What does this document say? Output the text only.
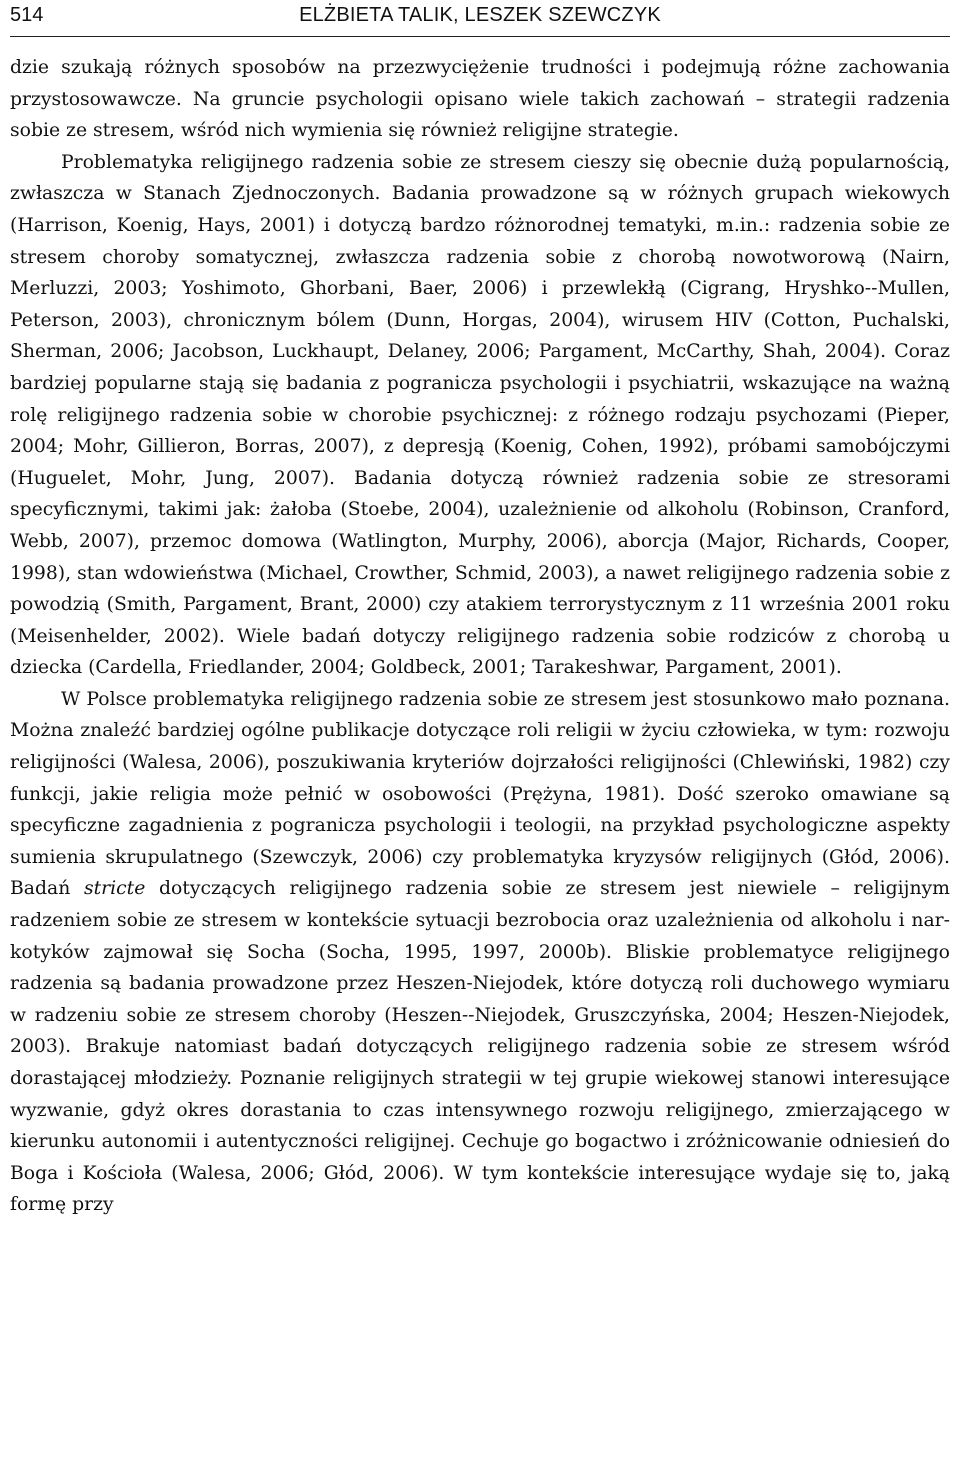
514	ELŻBIETA TALIK, LESZEK SZEWCZYK

dzie szukają różnych sposobów na przezwyciężenie trudności i podejmują różne zachowania przystosowawcze. Na gruncie psychologii opisano wiele takich zachowań – strategii radzenia sobie ze stresem, wśród nich wymienia się również religijne strategie.

Problematyka religijnego radzenia sobie ze stresem cieszy się obecnie dużą popularnością, zwłaszcza w Stanach Zjednoczonych. Badania prowadzone są w różnych grupach wiekowych (Harrison, Koenig, Hays, 2001) i dotyczą bardzo różnorodnej tematyki, m.in.: radzenia sobie ze stresem choroby somatycznej, zwłaszcza radzenia sobie z chorobą nowotworową (Nairn, Merluzzi, 2003; Yoshimoto, Ghorbani, Baer, 2006) i przewlekłą (Cigrang, Hryshko-⁠-Mullen, Peterson, 2003), chronicznym bólem (Dunn, Horgas, 2004), wirusem HIV (Cotton, Puchalski, Sherman, 2006; Jacobson, Luckhaupt, Delaney, 2006; Pargament, McCarthy, Shah, 2004). Coraz bardziej popularne stają się badania z pogranicza psychologii i psychiatrii, wskazujące na ważną rolę religijnego radzenia sobie w chorobie psychicznej: z różnego rodzaju psychozami (Pieper, 2004; Mohr, Gillieron, Borras, 2007), z depresją (Koenig, Cohen, 1992), próbami samobójczymi (Huguelet, Mohr, Jung, 2007). Badania dotyczą również radzenia sobie ze stresorami specyficznymi, takimi jak: żałoba (Stoebe, 2004), uzależnienie od alkoholu (Robinson, Cranford, Webb, 2007), przemoc domowa (Watlington, Murphy, 2006), aborcja (Major, Richards, Cooper, 1998), stan wdowieństwa (Michael, Crowther, Schmid, 2003), a nawet religijnego radzenia sobie z powodzią (Smith, Pargament, Brant, 2000) czy atakiem terrorystycznym z 11 września 2001 roku (Meisenhelder, 2002). Wiele badań dotyczy religijnego radzenia sobie rodziców z chorobą u dziecka (Cardella, Friedlander, 2004; Goldbeck, 2001; Tarakeshwar, Pargament, 2001).

W Polsce problematyka religijnego radzenia sobie ze stresem jest stosunkowo mało poznana. Można znaleźć bardziej ogólne publikacje dotyczące roli religii w życiu człowieka, w tym: rozwoju religijności (Walesa, 2006), poszukiwania kryteriów dojrzałości religijności (Chlewiński, 1982) czy funkcji, jakie religia może pełnić w osobowości (Prężyna, 1981). Dość szeroko omawiane są specyficzne zagadnienia z pogranicza psychologii i teologii, na przykład psychologiczne aspekty sumienia skrupulatnego (Szewczyk, 2006) czy problematyka kryzysów religijnych (Głód, 2006). Badań stricte dotyczących religijnego radzenia sobie ze stresem jest niewiele – religijnym radzeniem sobie ze stresem w kontekście sytuacji bezrobocia oraz uzależnienia od alkoholu i narkotyków zajmował się Socha (Socha, 1995, 1997, 2000b). Bliskie problematyce religijnego radzenia są badania prowadzone przez Heszen-Niejodek, które dotyczą roli duchowego wymiaru w radzeniu sobie ze stresem choroby (Heszen-⁠-Niejodek, Gruszczyńska, 2004; Heszen-Niejodek, 2003). Brakuje natomiast badań dotyczących religijnego radzenia sobie ze stresem wśród dorastającej młodzieży. Poznanie religijnych strategii w tej grupie wiekowej stanowi interesujące wyzwanie, gdyż okres dorastania to czas intensywnego rozwoju religijnego, zmierzającego w kierunku autonomii i autentyczności religijnej. Cechuje go bogactwo i zróżnicowanie odniesień do Boga i Kościoła (Walesa, 2006; Głód, 2006). W tym kontekście interesujące wydaje się to, jaką formę przy
